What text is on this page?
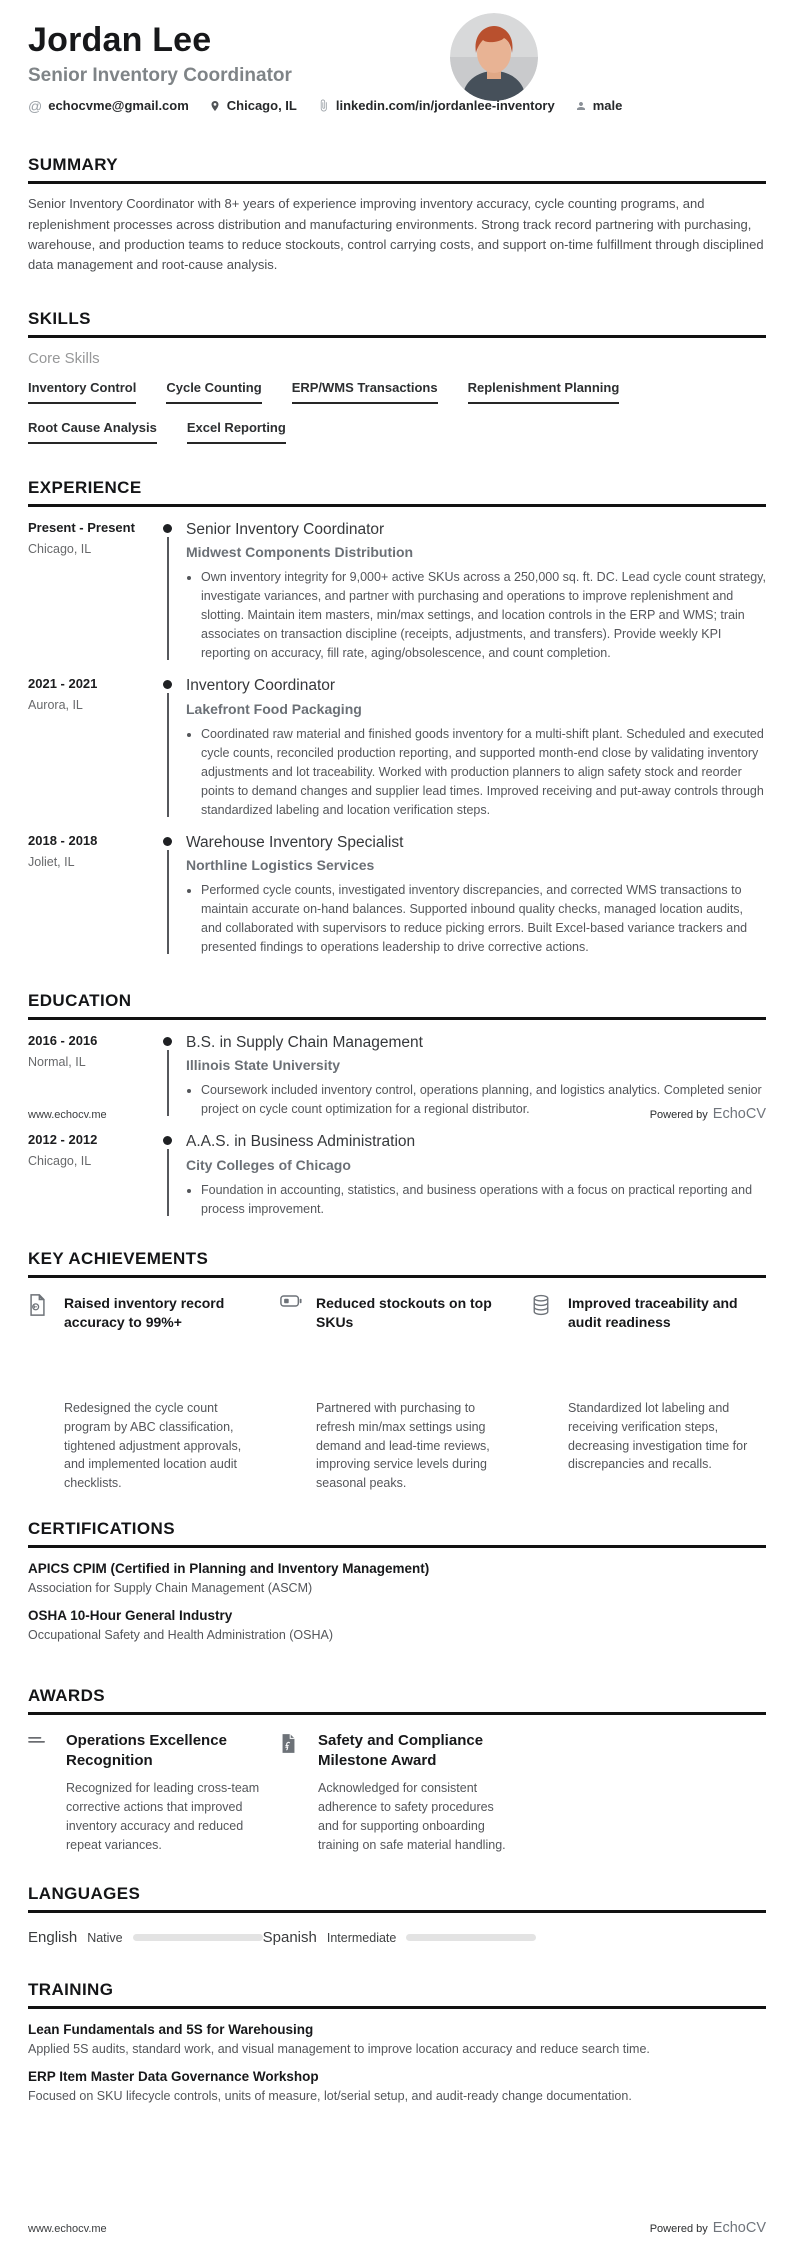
Jordan Lee
Senior Inventory Coordinator
@ echocvme@gmail.com	Chicago, IL	linkedin.com/in/jordanlee-inventory	male
SUMMARY
Senior Inventory Coordinator with 8+ years of experience improving inventory accuracy, cycle counting programs, and replenishment processes across distribution and manufacturing environments. Strong track record partnering with purchasing, warehouse, and production teams to reduce stockouts, control carrying costs, and support on-time fulfillment through disciplined data management and root-cause analysis.
SKILLS
Core Skills
Inventory Control Cycle Counting ERP/WMS Transactions Replenishment Planning
Root Cause Analysis Excel Reporting
EXPERIENCE
Present - Present
Chicago, IL
Senior Inventory Coordinator
Midwest Components Distribution
• Own inventory integrity for 9,000+ active SKUs across a 250,000 sq. ft. DC. Lead cycle count strategy, investigate variances, and partner with purchasing and operations to improve replenishment and slotting. Maintain item masters, min/max settings, and location controls in the ERP and WMS; train associates on transaction discipline (receipts, adjustments, and transfers). Provide weekly KPI reporting on accuracy, fill rate, aging/obsolescence, and count completion.
2021 - 2021
Aurora, IL
Inventory Coordinator
Lakefront Food Packaging
• Coordinated raw material and finished goods inventory for a multi-shift plant. Scheduled and executed cycle counts, reconciled production reporting, and supported month-end close by validating inventory adjustments and lot traceability. Worked with production planners to align safety stock and reorder points to demand changes and supplier lead times. Improved receiving and put-away controls through standardized labeling and location verification steps.
2018 - 2018
Joliet, IL
Warehouse Inventory Specialist
Northline Logistics Services
• Performed cycle counts, investigated inventory discrepancies, and corrected WMS transactions to maintain accurate on-hand balances. Supported inbound quality checks, managed location audits, and collaborated with supervisors to reduce picking errors. Built Excel-based variance trackers and presented findings to operations leadership to drive corrective actions.
EDUCATION
2016 - 2016
Normal, IL
B.S. in Supply Chain Management
Illinois State University
• Coursework included inventory control, operations planning, and logistics analytics. Completed senior project on cycle count optimization for a regional distributor.
2012 - 2012
Chicago, IL
A.A.S. in Business Administration
City Colleges of Chicago
• Foundation in accounting, statistics, and business operations with a focus on practical reporting and process improvement.
KEY ACHIEVEMENTS
Raised inventory record accuracy to 99%+
Reduced stockouts on top SKUs
Improved traceability and audit readiness
Redesigned the cycle count program by ABC classification, tightened adjustment approvals, and implemented location audit checklists.
Partnered with purchasing to refresh min/max settings using demand and lead-time reviews, improving service levels during seasonal peaks.
Standardized lot labeling and receiving verification steps, decreasing investigation time for discrepancies and recalls.
CERTIFICATIONS
APICS CPIM (Certified in Planning and Inventory Management)
Association for Supply Chain Management (ASCM)
OSHA 10-Hour General Industry
Occupational Safety and Health Administration (OSHA)
AWARDS
Operations Excellence Recognition
Recognized for leading cross-team corrective actions that improved inventory accuracy and reduced repeat variances.
Safety and Compliance Milestone Award
Acknowledged for consistent adherence to safety procedures and for supporting onboarding training on safe material handling.
LANGUAGES
English Native	Spanish Intermediate
TRAINING
Lean Fundamentals and 5S for Warehousing
Applied 5S audits, standard work, and visual management to improve location accuracy and reduce search time.
ERP Item Master Data Governance Workshop
Focused on SKU lifecycle controls, units of measure, lot/serial setup, and audit-ready change documentation.
www.echocv.me	Powered by EchoCV
www.echocv.me	Powered by EchoCV
